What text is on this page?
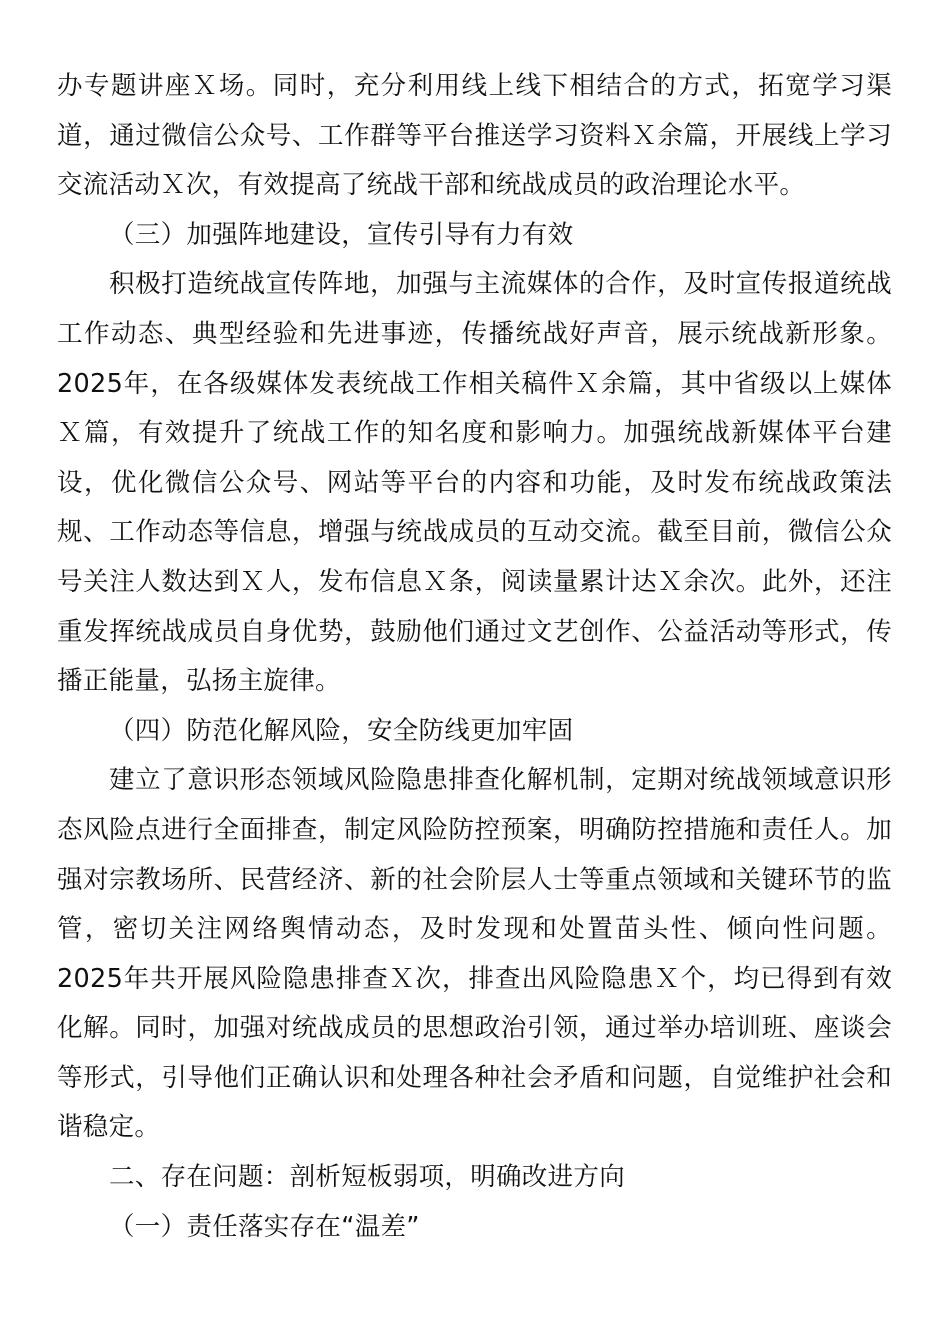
办专题讲座Ｘ场。同时，充分利用线上线下相结合的方式，拓宽学习渠道，通过微信公众号、工作群等平台推送学习资料Ｘ余篇，开展线上学习交流活动Ｘ次，有效提高了统战干部和统战成员的政治理论水平。

（三）加强阵地建设，宣传引导有力有效

积极打造统战宣传阵地，加强与主流媒体的合作，及时宣传报道统战工作动态、典型经验和先进事迹，传播统战好声音，展示统战新形象。2025年，在各级媒体发表统战工作相关稿件Ｘ余篇，其中省级以上媒体Ｘ篇，有效提升了统战工作的知名度和影响力。加强统战新媒体平台建设，优化微信公众号、网站等平台的内容和功能，及时发布统战政策法规、工作动态等信息，增强与统战成员的互动交流。截至目前，微信公众号关注人数达到Ｘ人，发布信息Ｘ条，阅读量累计达Ｘ余次。此外，还注重发挥统战成员自身优势，鼓励他们通过文艺创作、公益活动等形式，传播正能量，弘扬主旋律。

（四）防范化解风险，安全防线更加牢固

建立了意识形态领域风险隐患排查化解机制，定期对统战领域意识形态风险点进行全面排查，制定风险防控预案，明确防控措施和责任人。加强对宗教场所、民营经济、新的社会阶层人士等重点领域和关键环节的监管，密切关注网络舆情动态，及时发现和处置苗头性、倾向性问题。2025年共开展风险隐患排查Ｘ次，排查出风险隐患Ｘ个，均已得到有效化解。同时，加强对统战成员的思想政治引领，通过举办培训班、座谈会等形式，引导他们正确认识和处理各种社会矛盾和问题，自觉维护社会和谐稳定。

二、存在问题：剖析短板弱项，明确改进方向

（一）责任落实存在“温差”
